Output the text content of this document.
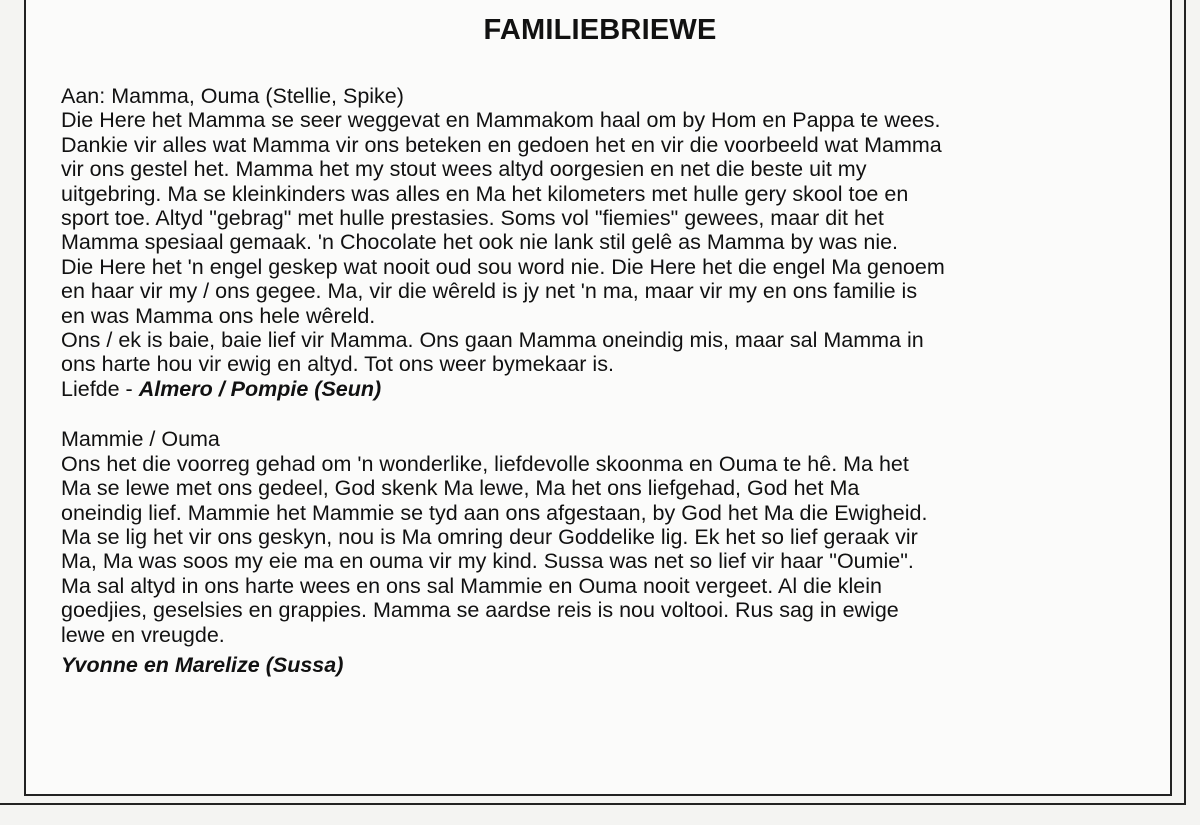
FAMILIEBRIEWE
Aan: Mamma, Ouma (Stellie, Spike)
Die Here het Mamma se seer weggevat en Mammakom haal om by Hom en Pappa te wees.
Dankie vir alles wat Mamma vir ons beteken en gedoen het en vir die voorbeeld wat Mamma
vir ons gestel het. Mamma het my stout wees altyd oorgesien en net die beste uit my
uitgebring. Ma se kleinkinders was alles en Ma het kilometers met hulle gery skool toe en
sport toe. Altyd "gebrag" met hulle prestasies. Soms vol "fiemies" gewees, maar dit het
Mamma spesiaal gemaak. 'n Chocolate het ook nie lank stil gelê as Mamma by was nie.
Die Here het 'n engel geskep wat nooit oud sou word nie. Die Here het die engel Ma genoem
en haar vir my / ons gegee. Ma, vir die wêreld is jy net 'n ma, maar vir my en ons familie is
en was Mamma ons hele wêreld.
Ons / ek is baie, baie lief vir Mamma. Ons gaan Mamma oneindig mis, maar sal Mamma in
ons harte hou vir ewig en altyd. Tot ons weer bymekaar is.
Liefde - Almero / Pompie (Seun)
Mammie / Ouma
Ons het die voorreg gehad om 'n wonderlike, liefdevolle skoonma en Ouma te hê. Ma het
Ma se lewe met ons gedeel, God skenk Ma lewe, Ma het ons liefgehad, God het Ma
oneindig lief. Mammie het Mammie se tyd aan ons afgestaan, by God het Ma die Ewigheid.
Ma se lig het vir ons geskyn, nou is Ma omring deur Goddelike lig. Ek het so lief geraak vir
Ma, Ma was soos my eie ma en ouma vir my kind. Sussa was net so lief vir haar "Oumie".
Ma sal altyd in ons harte wees en ons sal Mammie en Ouma nooit vergeet. Al die klein
goedjies, geselsies en grappies. Mamma se aardse reis is nou voltooi. Rus sag in ewige
lewe en vreugde.
Yvonne en Marelize (Sussa)
